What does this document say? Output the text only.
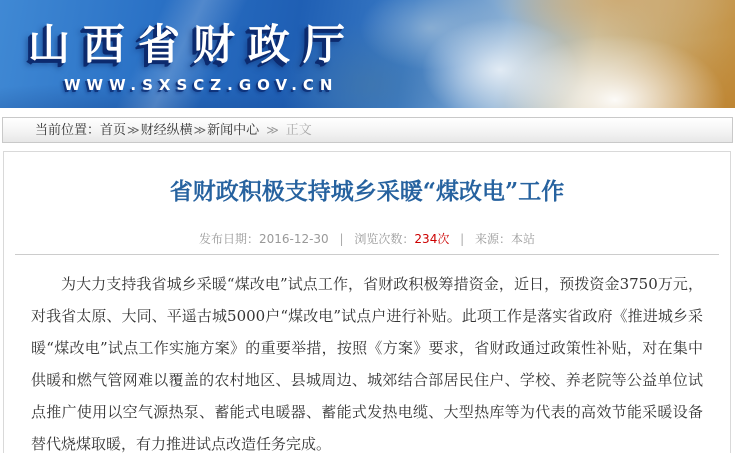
山西省财政厅
WWW.SXSCZ.GOV.CN
当前位置：首页≫财经纵横≫新闻中心 ≫ 正文
省财政积极支持城乡采暖“煤改电”工作
发布日期：2016-12-30 | 浏览次数：234次 | 来源：本站

为大力支持我省城乡采暖“煤改电”试点工作，省财政积极筹措资金，近日，预拨资金3750万元，对我省太原、大同、平遥古城5000户“煤改电”试点户进行补贴。此项工作是落实省政府《推进城乡采暖“煤改电”试点工作实施方案》的重要举措，按照《方案》要求，省财政通过政策性补贴，对在集中供暖和燃气管网难以覆盖的农村地区、县城周边、城郊结合部居民住户、学校、养老院等公益单位试点推广使用以空气源热泵、蓄能式电暖器、蓄能式发热电缆、大型热库等为代表的高效节能采暖设备替代烧煤取暖，有力推进试点改造任务完成。
